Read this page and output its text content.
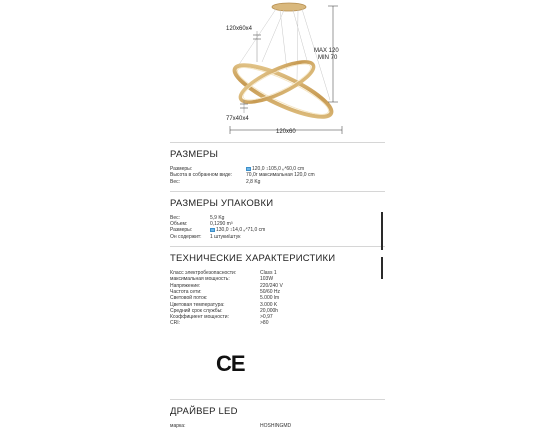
120x60x4
77x40x4
120x60
MAX 120
MIN 70
РАЗМЕРЫ
Размеры:	120,0 ↕105,0 ⤢60,0 cm
Высота в собранном виде:	70,0г максимальная 120,0 cm
Вес:	2,8 Kg
РАЗМЕРЫ УПАКОВКИ
Вес:	5,9 Kg
Объем:	0,1290 m³
Размеры:	130,0 ↕14,0 ⤢71,0 cm
Он содержит:	1 штуки/штук
ТЕХНИЧЕСКИЕ ХАРАКТЕРИСТИКИ
Класс электробезопасности:	Class 1
максимальная мощность:	103W
Напряжение:	220/240 V
Частота сети:	50/60 Hz
Световой поток:	5.000 lm
Цветовая температура:	3.000 K
Средний срок службы:	20,000h
Коэффициент мощности:	>0,97
CRI:	>80
ДРАЙВЕР LED
марка:	HOSHINGMD
CE
